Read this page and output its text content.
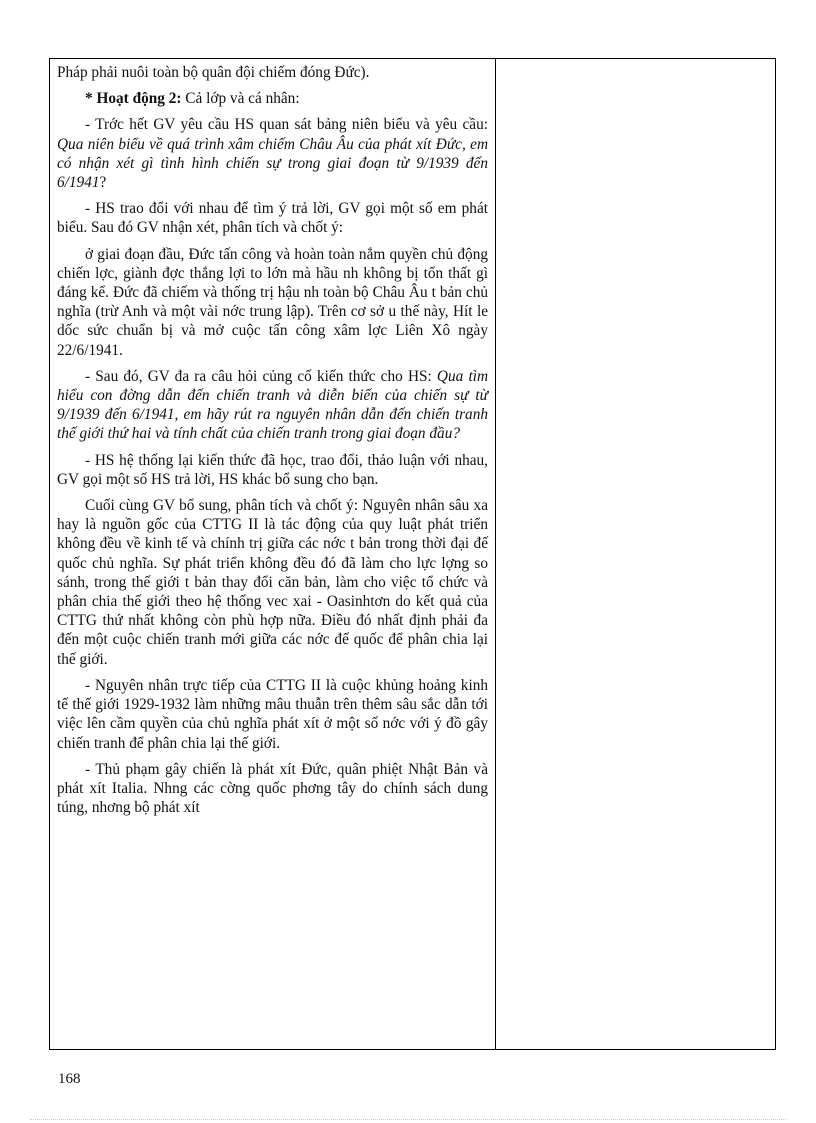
Pháp phải nuôi toàn bộ quân đội chiếm đóng Đức).

* Hoạt động 2: Cả lớp và cá nhân:

- Trớc hết GV yêu cầu HS quan sát bảng niên biểu và yêu cầu: Qua niên biểu về quá trình xâm chiếm Châu Âu của phát xít Đức, em có nhận xét gì tình hình chiến sự trong giai đoạn từ 9/1939 đến 6/1941?

- HS trao đổi với nhau để tìm ý trả lời, GV gọi một số em phát biểu. Sau đó GV nhận xét, phân tích và chốt ý:

ở giai đoạn đầu, Đức tấn công và hoàn toàn nắm quyền chủ động chiến lợc, giành đợc thắng lợi to lớn mà hầu nh không bị tổn thất gì đáng kể. Đức đã chiếm và thống trị hậu nh toàn bộ Châu Âu t bản chủ nghĩa (trừ Anh và một vài nớc trung lập). Trên cơ sở u thế này, Hít le dốc sức chuẩn bị và mở cuộc tấn công xâm lợc Liên Xô ngày 22/6/1941.

- Sau đó, GV đa ra câu hỏi củng cố kiến thức cho HS: Qua tìm hiểu con đờng dẫn đến chiến tranh và diễn biến của chiến sự từ 9/1939 đến 6/1941, em hãy rút ra nguyên nhân dẫn đến chiến tranh thế giới thứ hai và tính chất của chiến tranh trong giai đoạn đầu?

- HS hệ thống lại kiến thức đã học, trao đổi, thảo luận với nhau, GV gọi một số HS trả lời, HS khác bổ sung cho bạn.

Cuối cùng GV bổ sung, phân tích và chốt ý: Nguyên nhân sâu xa hay là nguồn gốc của CTTG II là tác động của quy luật phát triển không đều về kinh tế và chính trị giữa các nớc t bản trong thời đại đế quốc chủ nghĩa. Sự phát triển không đều đó đã làm cho lực lợng so sánh, trong thế giới t bản thay đổi căn bản, làm cho việc tổ chức và phân chia thế giới theo hệ thống vec xai - Oasinhtơn do kết quả của CTTG thứ nhất không còn phù hợp nữa. Điều đó nhất định phải đa đến một cuộc chiến tranh mới giữa các nớc đế quốc để phân chia lại thế giới.

- Nguyên nhân trực tiếp của CTTG II là cuộc khủng hoảng kinh tế thế giới 1929-1932 làm những mâu thuẫn trên thêm sâu sắc dẫn tới việc lên cầm quyền của chủ nghĩa phát xít ở một số nớc với ý đồ gây chiến tranh để phân chia lại thế giới.

- Thủ phạm gây chiến là phát xít Đức, quân phiệt Nhật Bản và phát xít Italia. Nhng các cờng quốc phơng tây do chính sách dung túng, nhơng bộ phát xít

168
